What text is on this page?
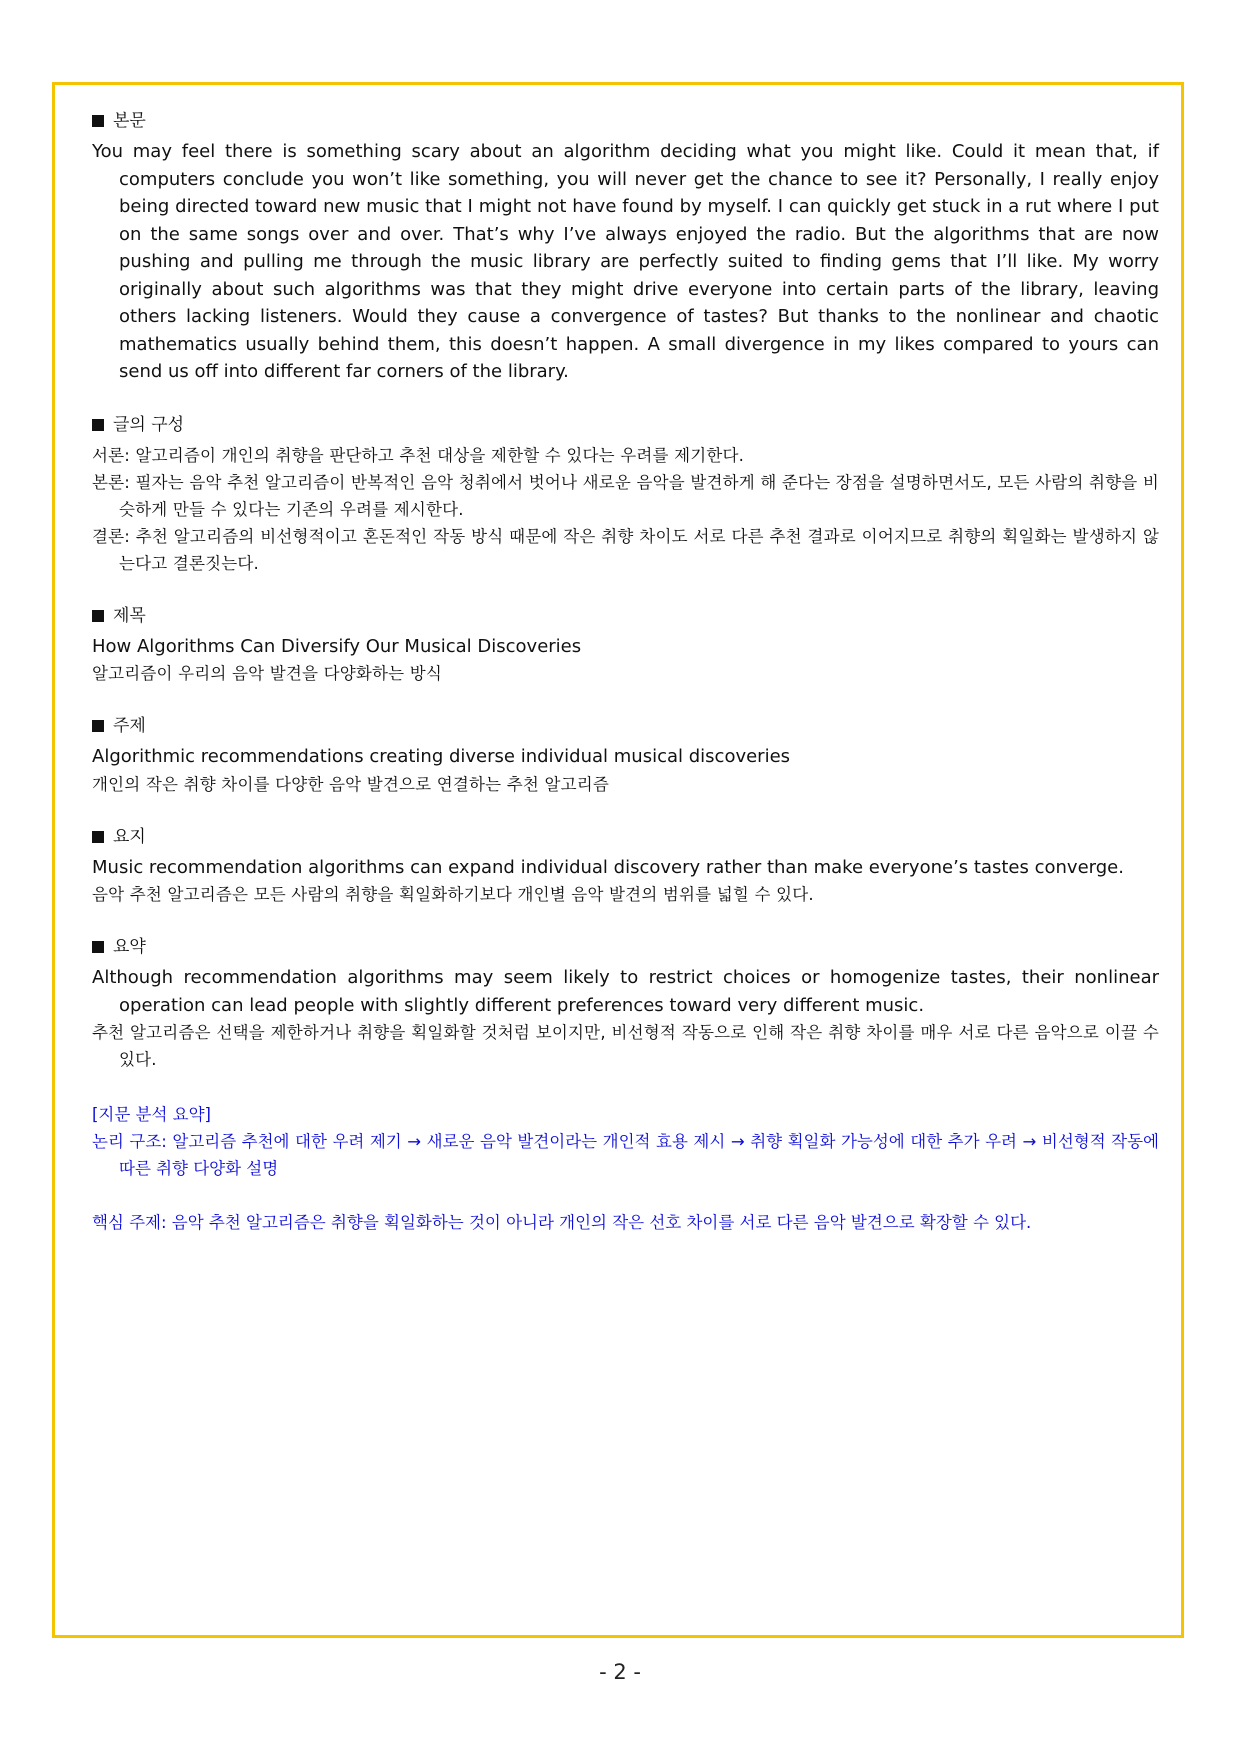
본문
You may feel there is something scary about an algorithm deciding what you might like. Could it mean that, if computers conclude you won’t like something, you will never get the chance to see it? Personally, I really enjoy being directed toward new music that I might not have found by myself. I can quickly get stuck in a rut where I put on the same songs over and over. That’s why I’ve always enjoyed the radio. But the algorithms that are now pushing and pulling me through the music library are perfectly suited to finding gems that I’ll like. My worry originally about such algorithms was that they might drive everyone into certain parts of the library, leaving others lacking listeners. Would they cause a convergence of tastes? But thanks to the nonlinear and chaotic mathematics usually behind them, this doesn’t happen. A small divergence in my likes compared to yours can send us off into different far corners of the library.
글의 구성
서론: 알고리즘이 개인의 취향을 판단하고 추천 대상을 제한할 수 있다는 우려를 제기한다.
본론: 필자는 음악 추천 알고리즘이 반복적인 음악 청취에서 벗어나 새로운 음악을 발견하게 해 준다는 장점을 설명하면서도, 모든 사람의 취향을 비슷하게 만들 수 있다는 기존의 우려를 제시한다.
결론: 추천 알고리즘의 비선형적이고 혼돈적인 작동 방식 때문에 작은 취향 차이도 서로 다른 추천 결과로 이어지므로 취향의 획일화는 발생하지 않는다고 결론짓는다.
제목
How Algorithms Can Diversify Our Musical Discoveries
알고리즘이 우리의 음악 발견을 다양화하는 방식
주제
Algorithmic recommendations creating diverse individual musical discoveries
개인의 작은 취향 차이를 다양한 음악 발견으로 연결하는 추천 알고리즘
요지
Music recommendation algorithms can expand individual discovery rather than make everyone’s tastes converge.
음악 추천 알고리즘은 모든 사람의 취향을 획일화하기보다 개인별 음악 발견의 범위를 넓힐 수 있다.
요약
Although recommendation algorithms may seem likely to restrict choices or homogenize tastes, their nonlinear operation can lead people with slightly different preferences toward very different music.
추천 알고리즘은 선택을 제한하거나 취향을 획일화할 것처럼 보이지만, 비선형적 작동으로 인해 작은 취향 차이를 매우 서로 다른 음악으로 이끌 수 있다.
[지문 분석 요약]
논리 구조: 알고리즘 추천에 대한 우려 제기 → 새로운 음악 발견이라는 개인적 효용 제시 → 취향 획일화 가능성에 대한 추가 우려 → 비선형적 작동에 따른 취향 다양화 설명
핵심 주제: 음악 추천 알고리즘은 취향을 획일화하는 것이 아니라 개인의 작은 선호 차이를 서로 다른 음악 발견으로 확장할 수 있다.
- 2 -
